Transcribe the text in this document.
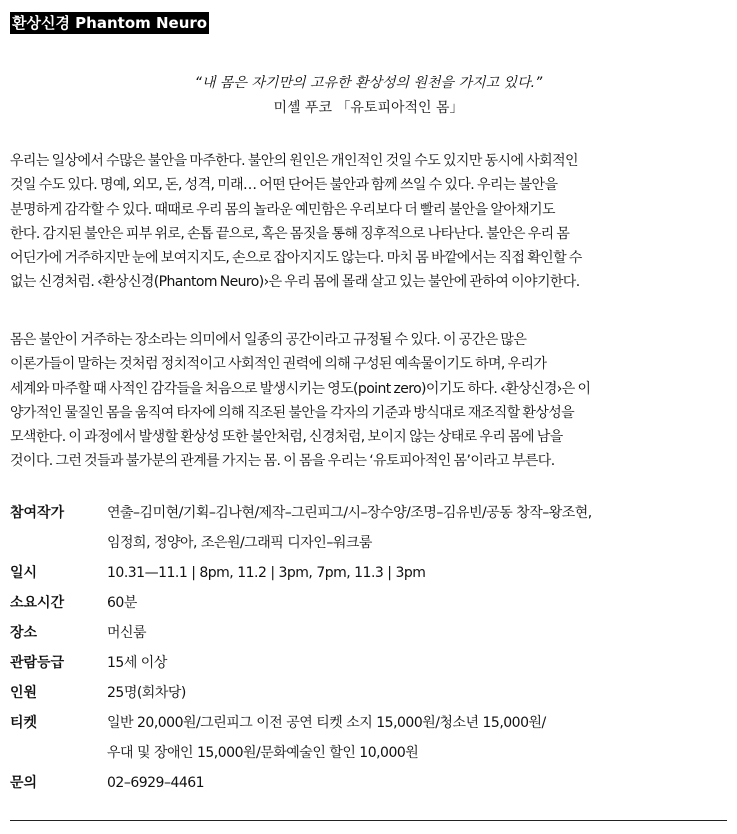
환상신경 Phantom Neuro
“내 몸은 자기만의 고유한 환상성의 원천을 가지고 있다.”
미셸 푸코 「유토피아적인 몸」

우리는 일상에서 수많은 불안을 마주한다. 불안의 원인은 개인적인 것일 수도 있지만 동시에 사회적인

것일 수도 있다. 명예, 외모, 돈, 성격, 미래… 어떤 단어든 불안과 함께 쓰일 수 있다. 우리는 불안을

분명하게 감각할 수 있다. 때때로 우리 몸의 놀라운 예민함은 우리보다 더 빨리 불안을 알아채기도

한다. 감지된 불안은 피부 위로, 손톱 끝으로, 혹은 몸짓을 통해 징후적으로 나타난다. 불안은 우리 몸

어딘가에 거주하지만 눈에 보여지지도, 손으로 잡아지지도 않는다. 마치 몸 바깥에서는 직접 확인할 수

없는 신경처럼. ‹환상신경(Phantom Neuro)›은 우리 몸에 몰래 살고 있는 불안에 관하여 이야기한다.

몸은 불안이 거주하는 장소라는 의미에서 일종의 공간이라고 규정될 수 있다. 이 공간은 많은

이론가들이 말하는 것처럼 정치적이고 사회적인 권력에 의해 구성된 예속물이기도 하며, 우리가

세계와 마주할 때 사적인 감각들을 처음으로 발생시키는 영도(point zero)이기도 하다. ‹환상신경›은 이

양가적인 물질인 몸을 움직여 타자에 의해 직조된 불안을 각자의 기준과 방식대로 재조직할 환상성을

모색한다. 이 과정에서 발생할 환상성 또한 불안처럼, 신경처럼, 보이지 않는 상태로 우리 몸에 남을

것이다. 그런 것들과 불가분의 관계를 가지는 몸. 이 몸을 우리는 ‘유토피아적인 몸’이라고 부른다.

참여작가	연출–김미현/기획–김나현/제작–그린피그/시–장수양/조명–김유빈/공동 창작–왕조현,
임정희, 정양아, 조은원/그래픽 디자인–워크룸
일시	10.31—11.1 | 8pm, 11.2 | 3pm, 7pm, 11.3 | 3pm
소요시간	60분
장소	머신룸
관람등급	15세 이상
인원	25명(회차당)
티켓	일반 20,000원/그린피그 이전 공연 티켓 소지 15,000원/청소년 15,000원/
우대 및 장애인 15,000원/문화예술인 할인 10,000원
문의	02–6929–4461
